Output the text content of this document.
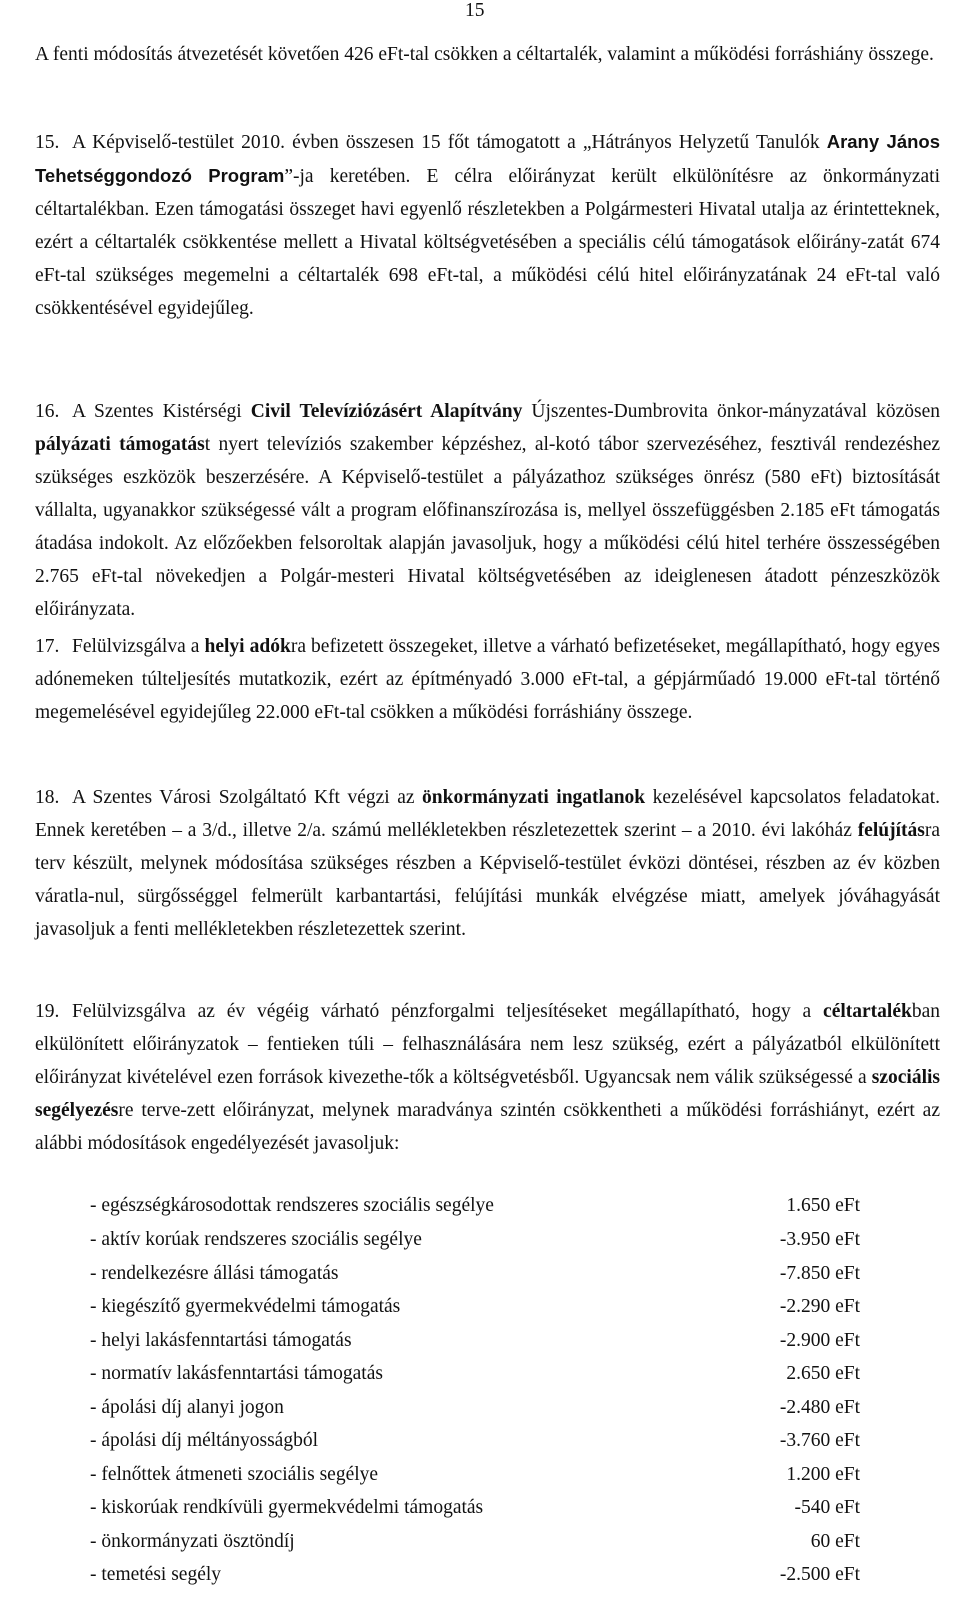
15

A fenti módosítás átvezetését követően 426 eFt-tal csökken a céltartalék, valamint a működési forráshiány összege.

15. A Képviselő-testület 2010. évben összesen 15 főt támogatott a „Hátrányos Helyzetű Tanulók Arany János Tehetséggondozó Program”-ja keretében. E célra előirányzat került elkülönítésre az önkormányzati céltartalékban. Ezen támogatási összeget havi egyenlő részletekben a Polgármesteri Hivatal utalja az érintetteknek, ezért a céltartalék csökkentése mellett a Hivatal költségvetésében a speciális célú támogatások előirány-zatát 674 eFt-tal szükséges megemelni a céltartalék 698 eFt-tal, a működési célú hitel előirányzatának 24 eFt-tal való csökkentésével egyidejűleg.

16. A Szentes Kistérségi Civil Televíziózásért Alapítvány Újszentes-Dumbrovita önkor-mányzatával közösen pályázati támogatást nyert televíziós szakember képzéshez, al-kotó tábor szervezéséhez, fesztivál rendezéshez szükséges eszközök beszerzésére. A Képviselő-testület a pályázathoz szükséges önrész (580 eFt) biztosítását vállalta, ugyanakkor szükségessé vált a program előfinanszírozása is, mellyel összefüggésben 2.185 eFt támogatás átadása indokolt. Az előzőekben felsoroltak alapján javasoljuk, hogy a működési célú hitel terhére összességében 2.765 eFt-tal növekedjen a Polgár-mesteri Hivatal költségvetésében az ideiglenesen átadott pénzeszközök előirányzata.

17. Felülvizsgálva a helyi adókra befizetett összegeket, illetve a várható befizetéseket, megállapítható, hogy egyes adónemeken túlteljesítés mutatkozik, ezért az építményadó 3.000 eFt-tal, a gépjárműadó 19.000 eFt-tal történő megemelésével egyidejűleg 22.000 eFt-tal csökken a működési forráshiány összege.

18. A Szentes Városi Szolgáltató Kft végzi az önkormányzati ingatlanok kezelésével kapcsolatos feladatokat. Ennek keretében – a 3/d., illetve 2/a. számú mellékletekben részletezettek szerint – a 2010. évi lakóház felújításra terv készült, melynek módosítása szükséges részben a Képviselő-testület évközi döntései, részben az év közben váratla-nul, sürgősséggel felmerült karbantartási, felújítási munkák elvégzése miatt, amelyek jóváhagyását javasoljuk a fenti mellékletekben részletezettek szerint.

19. Felülvizsgálva az év végéig várható pénzforgalmi teljesítéseket megállapítható, hogy a céltartalékban elkülönített előirányzatok – fentieken túli – felhasználására nem lesz szükség, ezért a pályázatból elkülönített előirányzat kivételével ezen források kivezethe-tők a költségvetésből. Ugyancsak nem válik szükségessé a szociális segélyezésre terve-zett előirányzat, melynek maradványa szintén csökkentheti a működési forráshiányt, ezért az alábbi módosítások engedélyezését javasoljuk:

- egészségkárosodottak rendszeres szociális segélye	1.650 eFt
- aktív korúak rendszeres szociális segélye	-3.950 eFt
- rendelkezésre állási támogatás	-7.850 eFt
- kiegészítő gyermekvédelmi támogatás	-2.290 eFt
- helyi lakásfenntartási támogatás	-2.900 eFt
- normatív lakásfenntartási támogatás	2.650 eFt
- ápolási díj alanyi jogon	-2.480 eFt
- ápolási díj méltányosságból	-3.760 eFt
- felnőttek átmeneti szociális segélye	1.200 eFt
- kiskorúak rendkívüli gyermekvédelmi támogatás	-540 eFt
- önkormányzati ösztöndíj	60 eFt
- temetési segély	-2.500 eFt
